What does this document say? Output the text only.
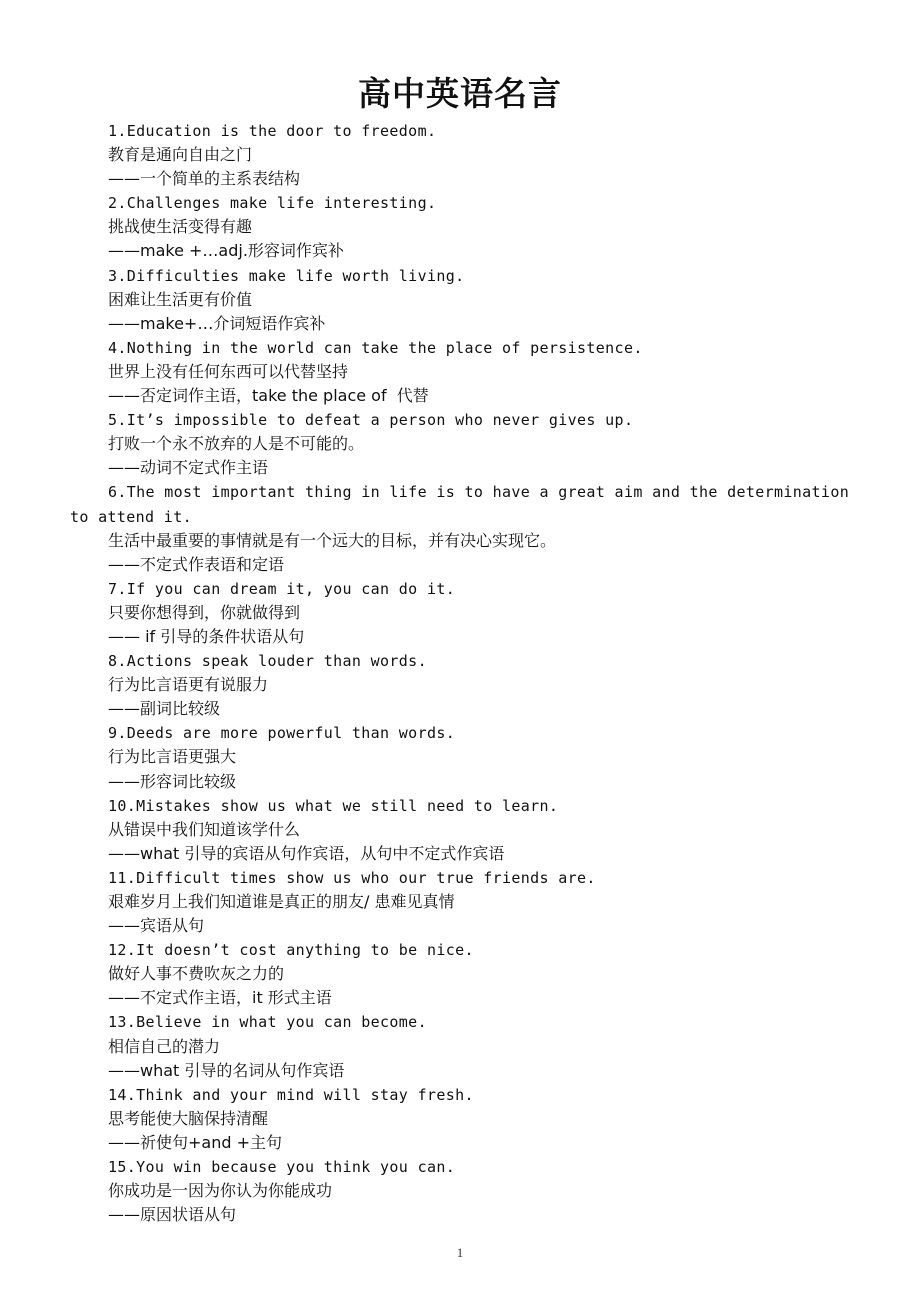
高中英语名言
1.Education is the door to freedom.
教育是通向自由之门
——一个简单的主系表结构
2.Challenges make life interesting.
挑战使生活变得有趣
——make +…adj.形容词作宾补
3.Difficulties make life worth living.
困难让生活更有价值
——make+…介词短语作宾补
4.Nothing in the world can take the place of persistence.
世界上没有任何东西可以代替坚持
——否定词作主语，take the place of  代替
5.It’s impossible to defeat a person who never gives up.
打败一个永不放弃的人是不可能的。
——动词不定式作主语
6.The most important thing in life is to have a great aim and the determination to attend it.
生活中最重要的事情就是有一个远大的目标，并有决心实现它。
——不定式作表语和定语
7.If you can dream it, you can do it.
只要你想得到，你就做得到
—— if 引导的条件状语从句
8.Actions speak louder than words.
行为比言语更有说服力
——副词比较级
9.Deeds are more powerful than words.
行为比言语更强大
——形容词比较级
10.Mistakes show us what we still need to learn.
从错误中我们知道该学什么
——what 引导的宾语从句作宾语，从句中不定式作宾语
11.Difficult times show us who our true friends are.
艰难岁月上我们知道谁是真正的朋友/ 患难见真情
——宾语从句
12.It doesn’t cost anything to be nice.
做好人事不费吹灰之力的
——不定式作主语，it 形式主语
13.Believe in what you can become.
相信自己的潜力
——what 引导的名词从句作宾语
14.Think and your mind will stay fresh.
思考能使大脑保持清醒
——祈使句+and +主句
15.You win because you think you can.
你成功是一因为你认为你能成功
——原因状语从句
1
